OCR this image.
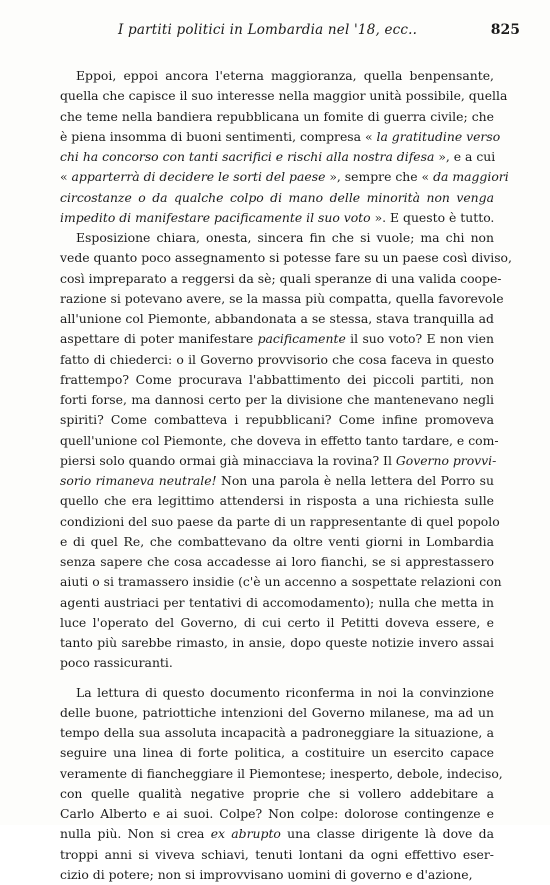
I partiti politici in Lombardia nel '18, ecc..	825

Eppoi, eppoi ancora l'eterna maggioranza, quella benpensante,
quella che capisce il suo interesse nella maggior unità possibile, quella
che teme nella bandiera repubblicana un fomite di guerra civile; che
è piena insomma di buoni sentimenti, compresa « la gratitudine verso
chi ha concorso con tanti sacrifici e rischi alla nostra difesa », e a cui
« apparterrà di decidere le sorti del paese », sempre che « da maggiori
circostanze o da qualche colpo di mano delle minorità non venga
impedito di manifestare pacificamente il suo voto ». E questo è tutto.

Esposizione chiara, onesta, sincera fin che si vuole; ma chi non
vede quanto poco assegnamento si potesse fare su un paese così diviso,
così impreparato a reggersi da sè; quali speranze di una valida coope-
razione si potevano avere, se la massa più compatta, quella favorevole
all'unione col Piemonte, abbandonata a se stessa, stava tranquilla ad
aspettare di poter manifestare pacificamente il suo voto? E non vien
fatto di chiederci: o il Governo provvisorio che cosa faceva in questo
frattempo? Come procurava l'abbattimento dei piccoli partiti, non
forti forse, ma dannosi certo per la divisione che mantenevano negli
spiriti? Come combatteva i repubblicani? Come infine promoveva
quell'unione col Piemonte, che doveva in effetto tanto tardare, e com-
piersi solo quando ormai già minacciava la rovina? Il Governo provvi-
sorio rimaneva neutrale! Non una parola è nella lettera del Porro su
quello che era legittimo attendersi in risposta a una richiesta sulle
condizioni del suo paese da parte di un rappresentante di quel popolo
e di quel Re, che combattevano da oltre venti giorni in Lombardia
senza sapere che cosa accadesse ai loro fianchi, se si apprestassero
aiuti o si tramassero insidie (c'è un accenno a sospettate relazioni con
agenti austriaci per tentativi di accomodamento); nulla che metta in
luce l'operato del Governo, di cui certo il Petitti doveva essere, e
tanto più sarebbe rimasto, in ansie, dopo queste notizie invero assai
poco rassicuranti.

La lettura di questo documento riconferma in noi la convinzione
delle buone, patriottiche intenzioni del Governo milanese, ma ad un
tempo della sua assoluta incapacità a padroneggiare la situazione, a
seguire una linea di forte politica, a costituire un esercito capace
veramente di fiancheggiare il Piemontese; inesperto, debole, indeciso,
con quelle qualità negative proprie che si vollero addebitare a
Carlo Alberto e ai suoi. Colpe? Non colpe: dolorose contingenze e
nulla più. Non si crea ex abrupto una classe dirigente là dove da
troppi anni si viveva schiavi, tenuti lontani da ogni effettivo eser-
cizio di potere; non si improvvisano uomini di governo e d'azione,
